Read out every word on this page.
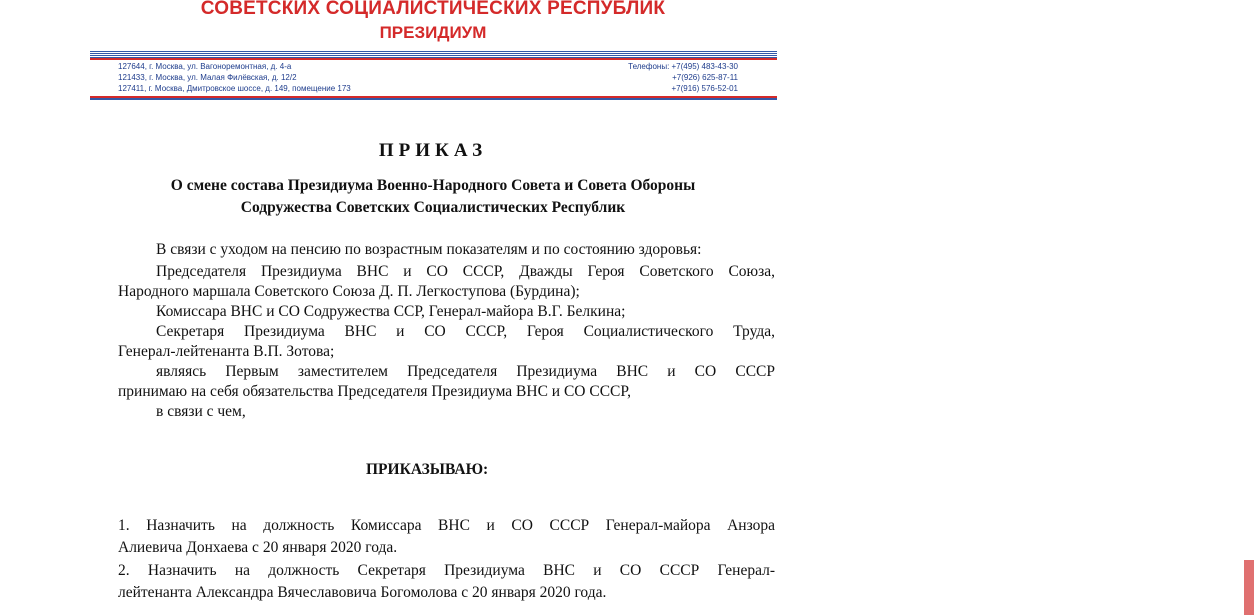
СОВЕТСКИХ СОЦИАЛИСТИЧЕСКИХ РЕСПУБЛИК
ПРЕЗИДИУМ
127644, г. Москва, ул. Вагоноремонтная, д. 4-а
121433, г. Москва, ул. Малая Филёвская, д. 12/2
127411, г. Москва, Дмитровское шоссе, д. 149, помещение 173
Телефоны: +7(495) 483-43-30
+7(926) 625-87-11
+7(916) 576-52-01
ПРИКАЗ
О смене состава Президиума Военно-Народного Совета и Совета Обороны
Содружества Советских Социалистических Республик
В связи с уходом на пенсию по возрастным показателям и по состоянию здоровья:
Председателя Президиума ВНС и СО СССР, Дважды Героя Советского Союза,
Народного маршала Советского Союза Д. П. Легкоступова (Бурдина);
Комиссара ВНС и СО Содружества ССР, Генерал-майора В.Г. Белкина;
Секретаря Президиума ВНС и СО СССР, Героя Социалистического Труда,
Генерал-лейтенанта В.П. Зотова;
являясь Первым заместителем Председателя Президиума ВНС и СО СССР
принимаю на себя обязательства Председателя Президиума ВНС и СО СССР,
в связи с чем,
ПРИКАЗЫВАЮ:
1. Назначить на должность Комиссара ВНС и СО СССР Генерал-майора Анзора
Алиевича Донхаева с 20 января 2020 года.
2. Назначить на должность Секретаря Президиума ВНС и СО СССР Генерал-
лейтенанта Александра Вячеславовича Богомолова с 20 января 2020 года.
